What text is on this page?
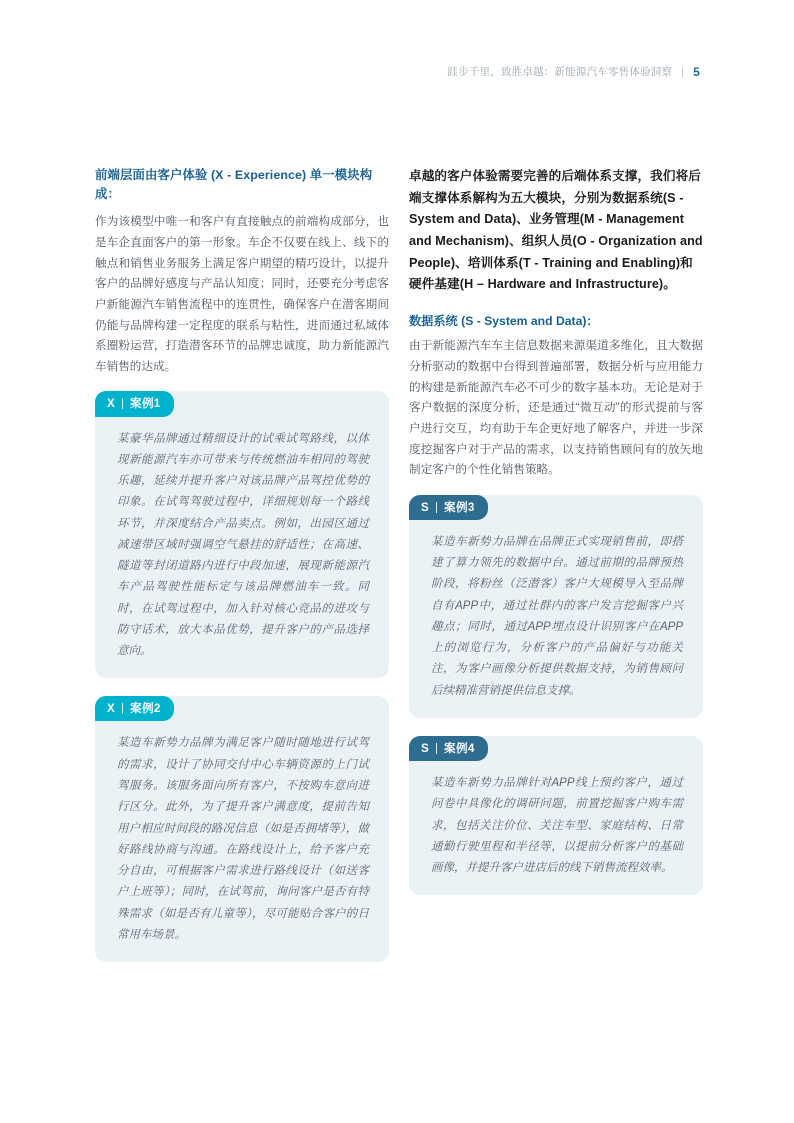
跬步千里，致胜卓越：新能源汽车零售体验洞察 | 5
前端层面由客户体验 (X - Experience) 单一模块构成：

作为该模型中唯一和客户有直接触点的前端构成部分，也是车企直面客户的第一形象。车企不仅要在线上、线下的触点和销售业务服务上满足客户期望的精巧设计，以提升客户的品牌好感度与产品认知度；同时，还要充分考虑客户新能源汽车销售流程中的连贯性，确保客户在潜客期间仍能与品牌构建一定程度的联系与粘性，进而通过私域体系圈粉运营，打造潜客环节的品牌忠诚度，助力新能源汽车销售的达成。

X 案例1
某豪华品牌通过精细设计的试乘试驾路线，以体现新能源汽车亦可带来与传统燃油车相同的驾驶乐趣，延续并提升客户对该品牌产品驾控优势的印象。在试驾驾驶过程中，详细规划每一个路线环节，并深度结合产品卖点。例如，出园区通过减速带区域时强调空气悬挂的舒适性；在高速、隧道等封闭道路内进行中段加速，展现新能源汽车产品驾驶性能标定与该品牌燃油车一致。同时，在试驾过程中，加入针对核心竞品的进攻与防守话术，放大本品优势，提升客户的产品选择意向。
X 案例2
某造车新势力品牌为满足客户随时随地进行试驾的需求，设计了协同交付中心车辆资源的上门试驾服务。该服务面向所有客户，不按购车意向进行区分。此外，为了提升客户满意度，提前告知用户相应时间段的路况信息（如是否拥堵等），做好路线协商与沟通。在路线设计上，给予客户充分自由，可根据客户需求进行路线设计（如送客户上班等）；同时，在试驾前，询问客户是否有特殊需求（如是否有儿童等），尽可能贴合客户的日常用车场景。
卓越的客户体验需要完善的后端体系支撑，我们将后端支撑体系解构为五大模块，分别为数据系统(S - System and Data)、业务管理(M - Management and Mechanism)、组织人员(O - Organization and People)、培训体系(T - Training and Enabling)和硬件基建(H – Hardware and Infrastructure)。
数据系统 (S - System and Data)：

由于新能源汽车车主信息数据来源渠道多维化，且大数据分析驱动的数据中台得到普遍部署，数据分析与应用能力的构建是新能源汽车必不可少的数字基本功。无论是对于客户数据的深度分析，还是通过“微互动”的形式提前与客户进行交互，均有助于车企更好地了解客户，并进一步深度挖掘客户对于产品的需求，以支持销售顾问有的放矢地制定客户的个性化销售策略。

S 案例3
某造车新势力品牌在品牌正式实现销售前，即搭建了算力领先的数据中台。通过前期的品牌预热阶段，将粉丝（泛潜客）客户大规模导入至品牌自有APP中，通过社群内的客户发言挖掘客户兴趣点；同时，通过APP埋点设计识别客户在APP上的浏览行为，分析客户的产品偏好与功能关注，为客户画像分析提供数据支持，为销售顾问后续精准营销提供信息支撑。
S 案例4
某造车新势力品牌针对APP线上预约客户，通过问卷中具像化的调研问题，前置挖掘客户购车需求，包括关注价位、关注车型、家庭结构、日常通勤行驶里程和半径等，以提前分析客户的基础画像，并提升客户进店后的线下销售流程效率。
